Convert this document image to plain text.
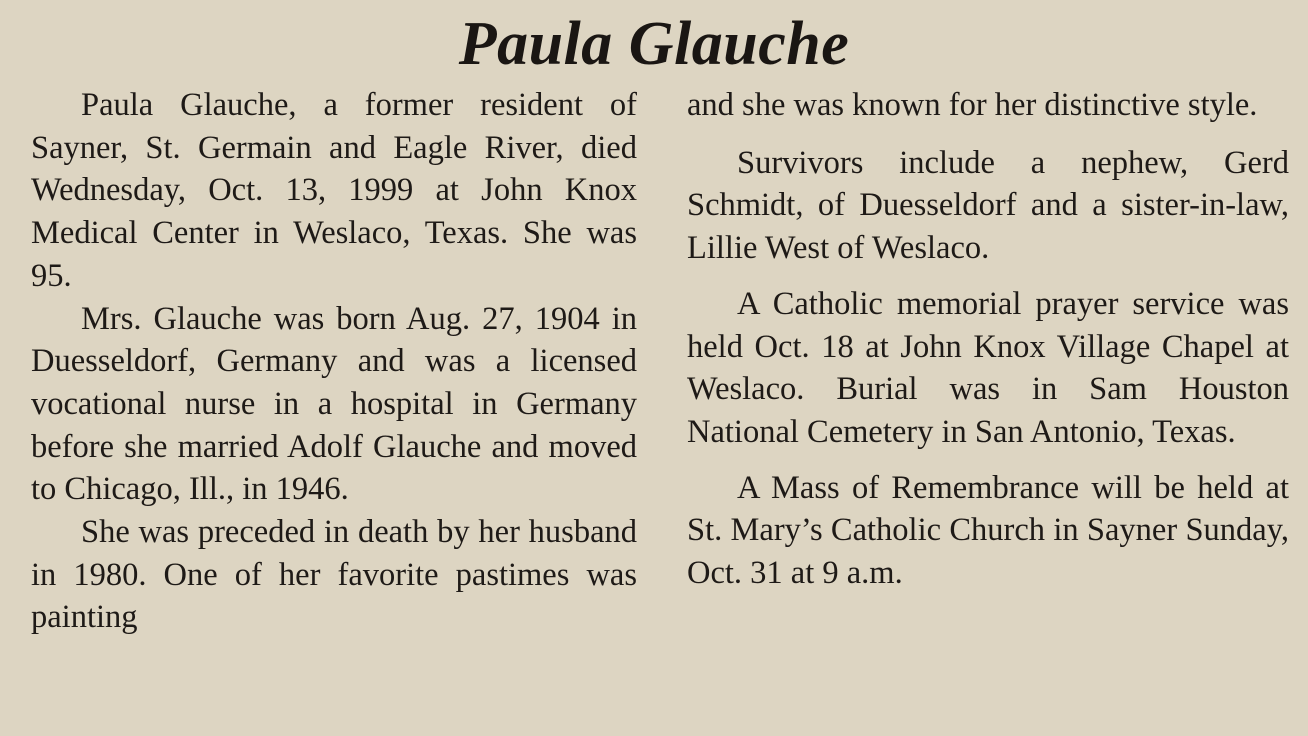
Paula Glauche

Paula Glauche, a former resident of Sayner, St. Germain and Eagle River, died Wednesday, Oct. 13, 1999 at John Knox Medical Center in Weslaco, Texas. She was 95.

Mrs. Glauche was born Aug. 27, 1904 in Duesseldorf, Germany and was a licensed vocational nurse in a hospital in Germany before she married Adolf Glauche and moved to Chicago, Ill., in 1946.

She was preceded in death by her husband in 1980. One of her favorite pastimes was painting

and she was known for her distinctive style.

Survivors include a nephew, Gerd Schmidt, of Duesseldorf and a sister-in-law, Lillie West of Weslaco.

A Catholic memorial prayer service was held Oct. 18 at John Knox Village Chapel at Weslaco. Burial was in Sam Houston National Cemetery in San Antonio, Texas.

A Mass of Remembrance will be held at St. Mary’s Catholic Church in Sayner Sunday, Oct. 31 at 9 a.m.
